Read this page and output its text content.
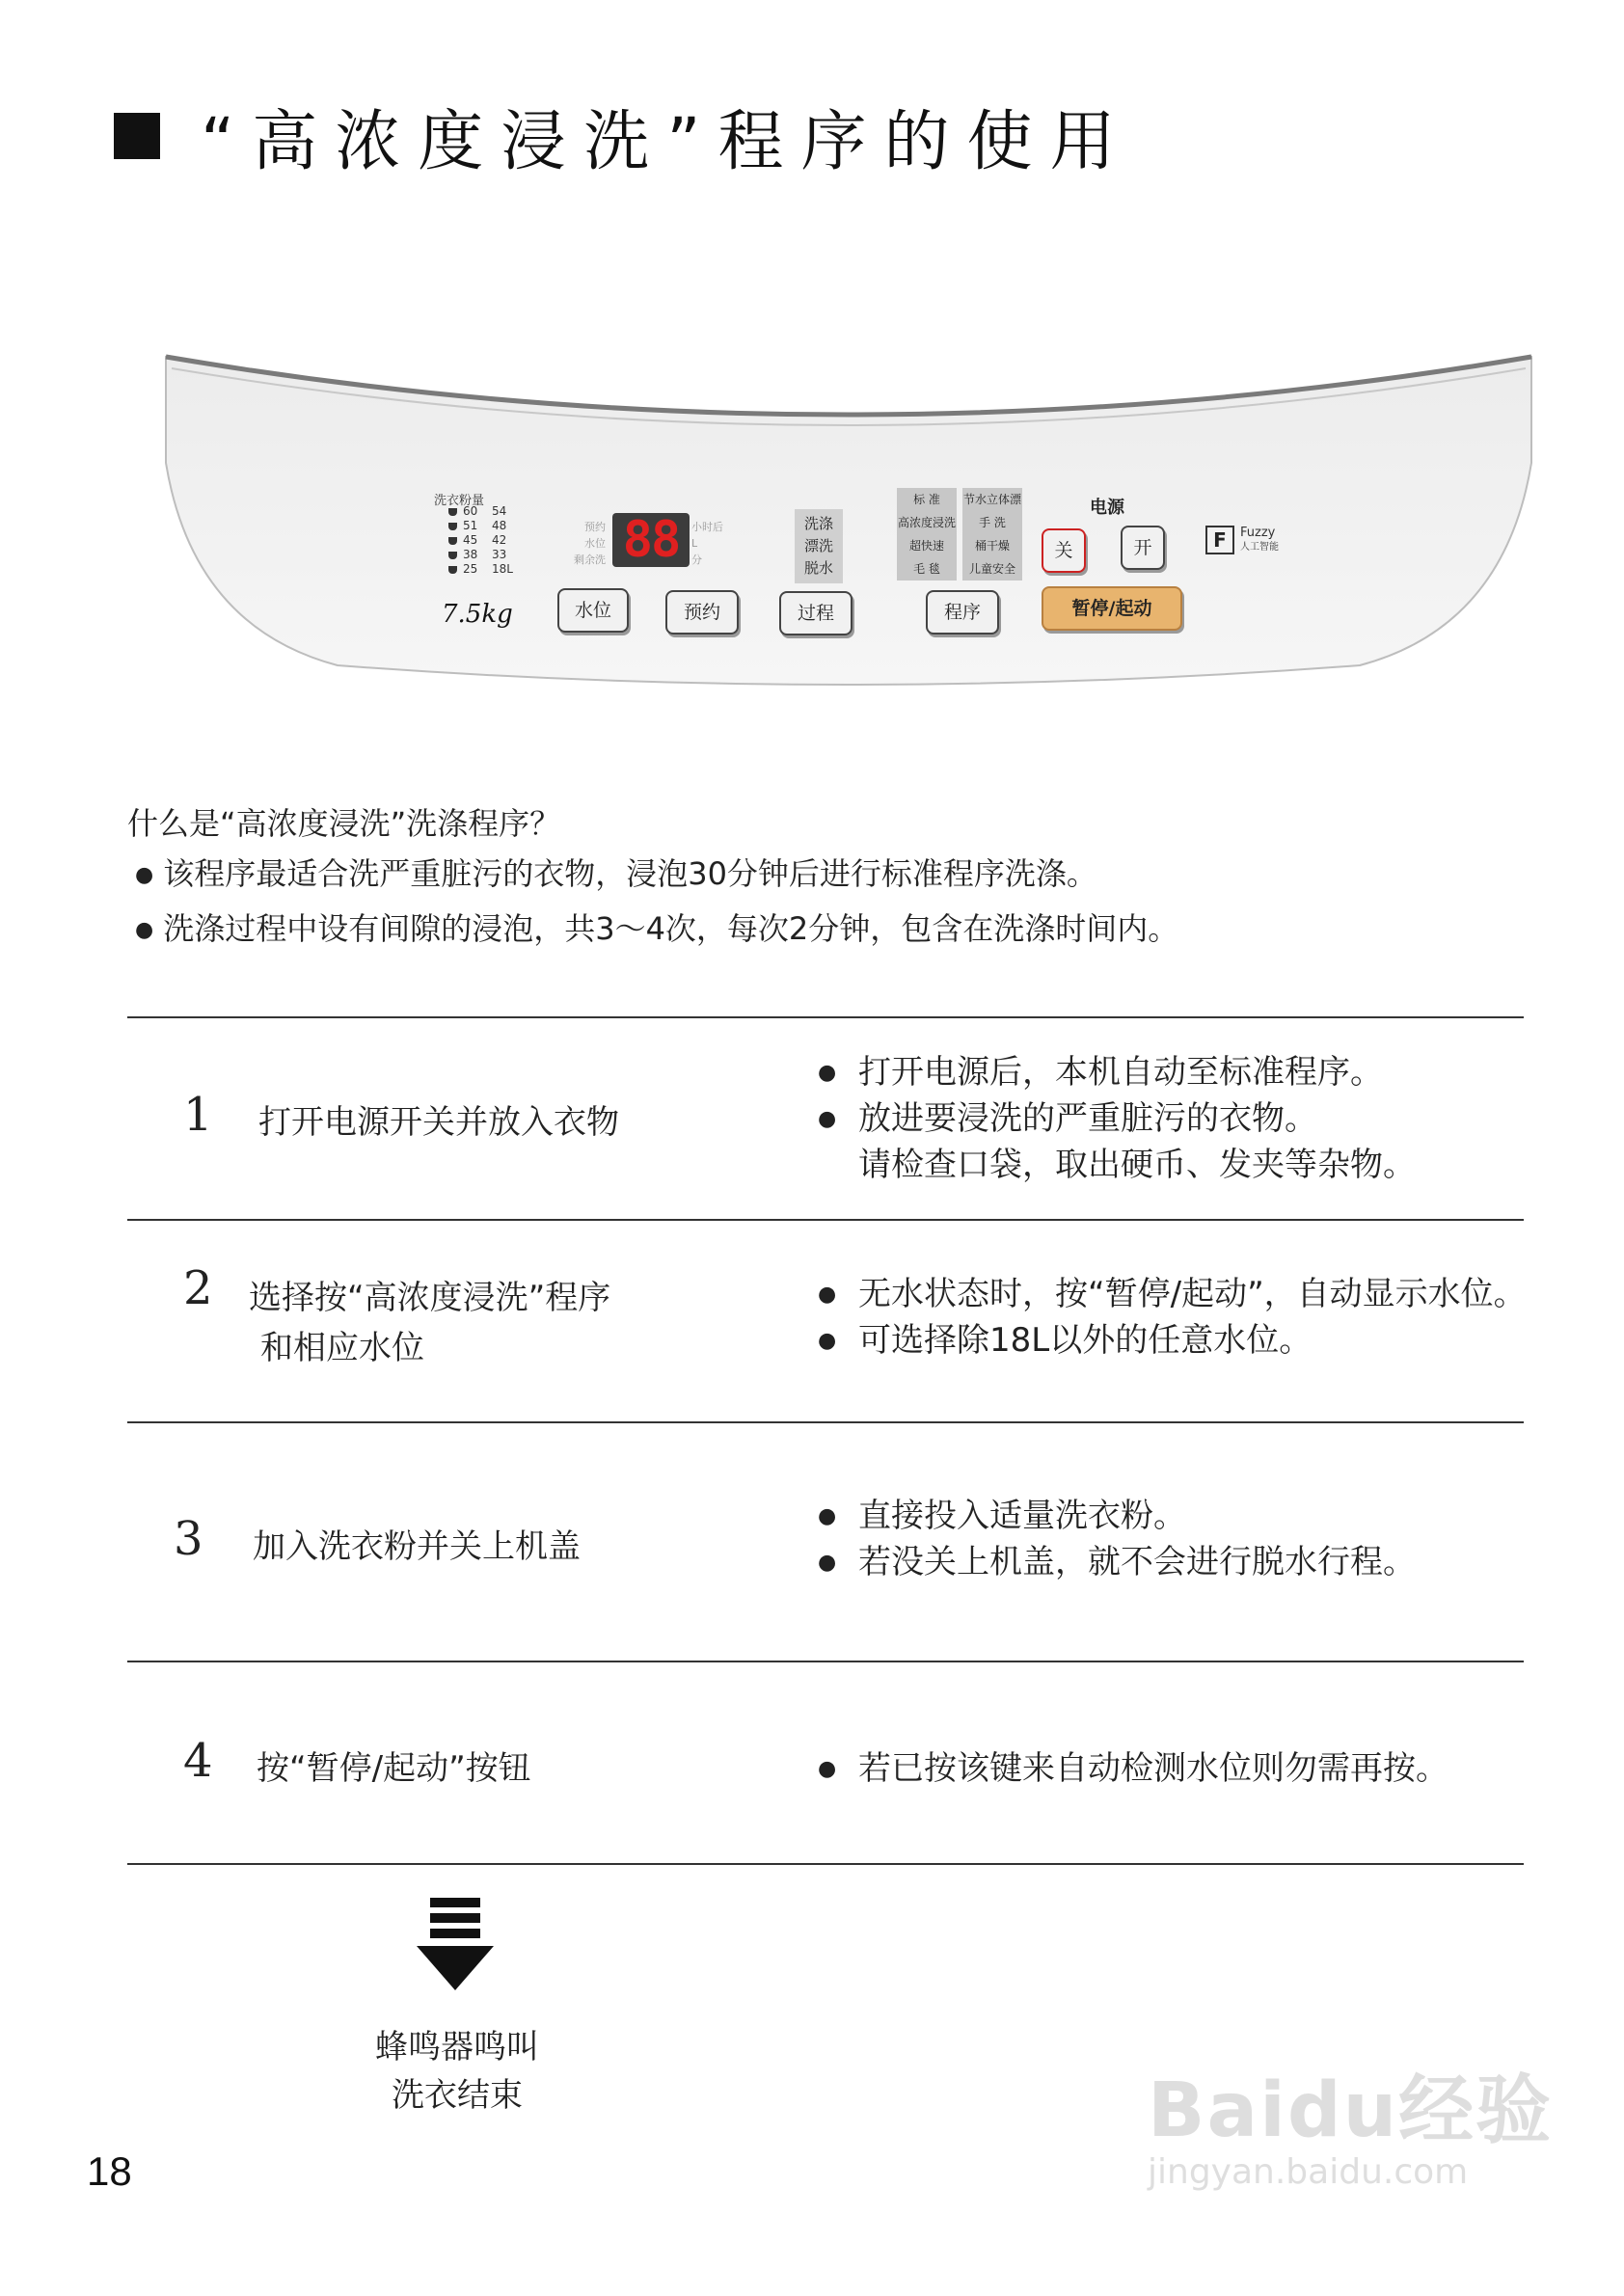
“高浓度浸洗”程序的使用
洗衣粉量
60	54
51	48
45	42
38	33
25	18L
7.5kg
预约
水位
剩余洗 88	小时后
L
分
洗涤
漂洗
脱水
标 准
高浓度浸洗
超快速
毛 毯
节水立体漂
手 洗
桶干燥
儿童安全
电源
关	开	F	Fuzzy
人工智能
水位	预约	过程	程序	暂停/起动

什么是“高浓度浸洗”洗涤程序？

● 该程序最适合洗严重脏污的衣物，浸泡30分钟后进行标准程序洗涤。

● 洗涤过程中设有间隙的浸泡，共3～4次，每次2分钟，包含在洗涤时间内。

1 打开电源开关并放入衣物
● 打开电源后，本机自动至标准程序。
● 放进要浸洗的严重脏污的衣物。
请检查口袋，取出硬币、发夹等杂物。
2 选择按“高浓度浸洗”程序
和相应水位
● 无水状态时，按“暂停/起动”，自动显示水位。
● 可选择除18L以外的任意水位。
3 加入洗衣粉并关上机盖
● 直接投入适量洗衣粉。
● 若没关上机盖，就不会进行脱水行程。
4 按“暂停/起动”按钮	● 若已按该键来自动检测水位则勿需再按。
蜂鸣器鸣叫
洗衣结束
18
Baidu经验
jingyan.baidu.com
